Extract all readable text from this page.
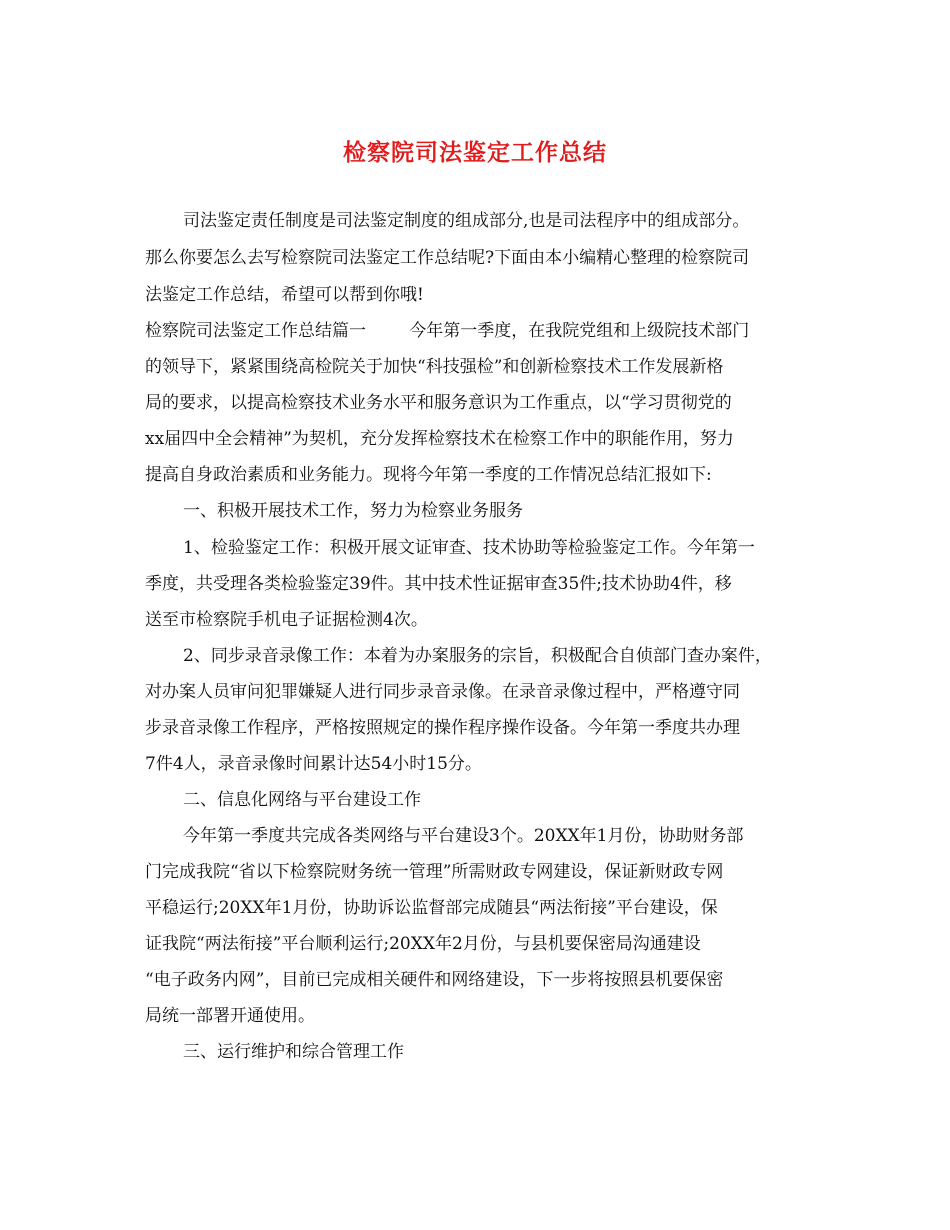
检察院司法鉴定工作总结
司法鉴定责任制度是司法鉴定制度的组成部分,也是司法程序中的组成部分。
那么你要怎么去写检察院司法鉴定工作总结呢?下面由本小编精心整理的检察院司
法鉴定工作总结，希望可以帮到你哦!
检察院司法鉴定工作总结篇一        今年第一季度，在我院党组和上级院技术部门
的领导下，紧紧围绕高检院关于加快“科技强检”和创新检察技术工作发展新格
局的要求，以提高检察技术业务水平和服务意识为工作重点，以“学习贯彻党的
xx届四中全会精神”为契机，充分发挥检察技术在检察工作中的职能作用，努力
提高自身政治素质和业务能力。现将今年第一季度的工作情况总结汇报如下:
一、积极开展技术工作，努力为检察业务服务
1、检验鉴定工作：积极开展文证审查、技术协助等检验鉴定工作。今年第一
季度，共受理各类检验鉴定39件。其中技术性证据审查35件;技术协助4件，移
送至市检察院手机电子证据检测4次。
2、同步录音录像工作：本着为办案服务的宗旨，积极配合自侦部门查办案件，
对办案人员审问犯罪嫌疑人进行同步录音录像。在录音录像过程中，严格遵守同
步录音录像工作程序，严格按照规定的操作程序操作设备。今年第一季度共办理
7件4人，录音录像时间累计达54小时15分。
二、信息化网络与平台建设工作
今年第一季度共完成各类网络与平台建设3个。20XX年1月份，协助财务部
门完成我院“省以下检察院财务统一管理”所需财政专网建设，保证新财政专网
平稳运行;20XX年1月份，协助诉讼监督部完成随县“两法衔接”平台建设，保
证我院“两法衔接”平台顺利运行;20XX年2月份，与县机要保密局沟通建设
“电子政务内网”，目前已完成相关硬件和网络建设，下一步将按照县机要保密
局统一部署开通使用。
三、运行维护和综合管理工作
